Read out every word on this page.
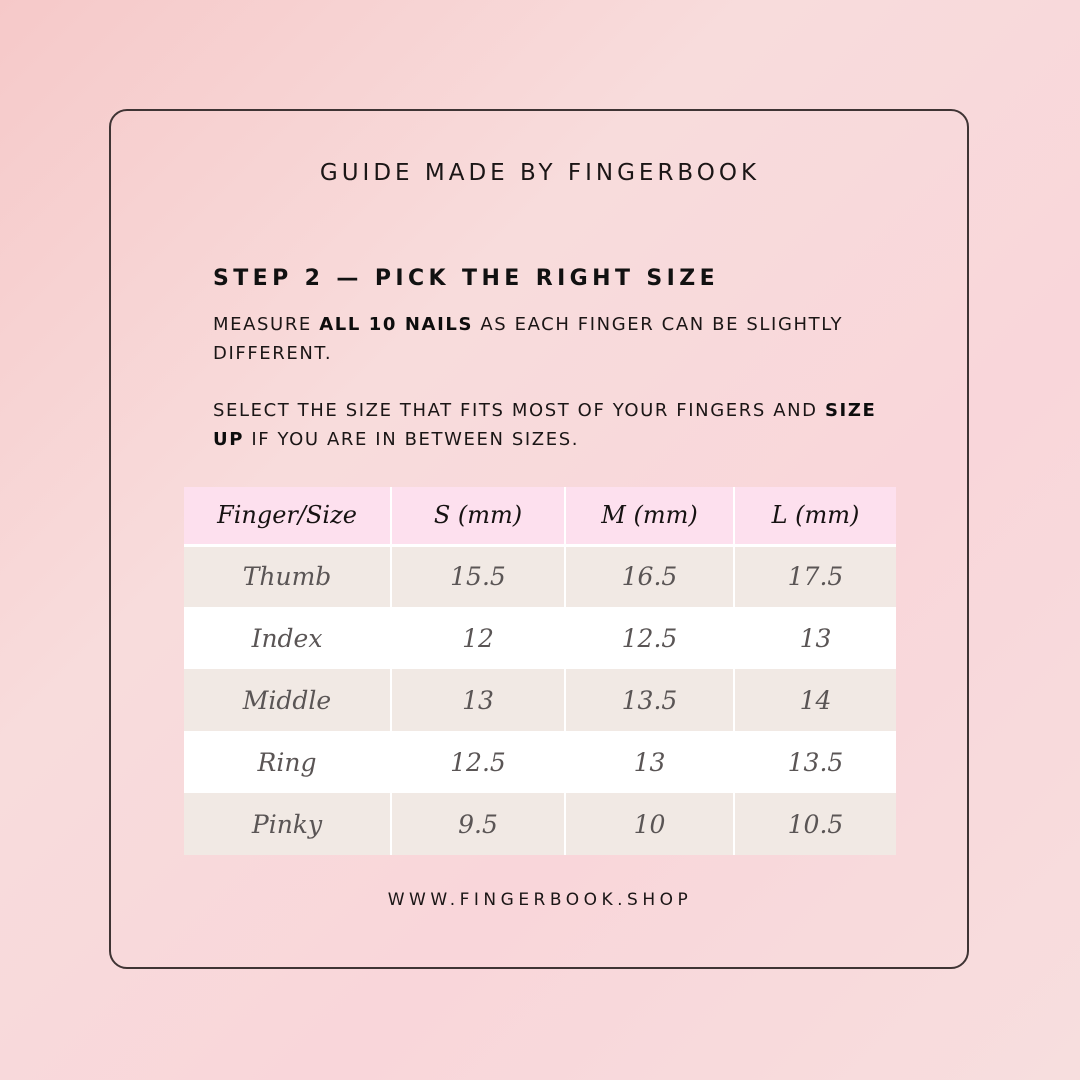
GUIDE MADE BY FINGERBOOK
STEP 2 — PICK THE RIGHT SIZE
MEASURE ALL 10 NAILS AS EACH FINGER CAN BE SLIGHTLY DIFFERENT.
SELECT THE SIZE THAT FITS MOST OF YOUR FINGERS AND SIZE UP IF YOU ARE IN BETWEEN SIZES.
Finger/Size	S (mm)	M (mm)	L (mm)
Thumb	15.5	16.5	17.5
Index	12	12.5	13
Middle	13	13.5	14
Ring	12.5	13	13.5
Pinky	9.5	10	10.5
WWW.FINGERBOOK.SHOP
